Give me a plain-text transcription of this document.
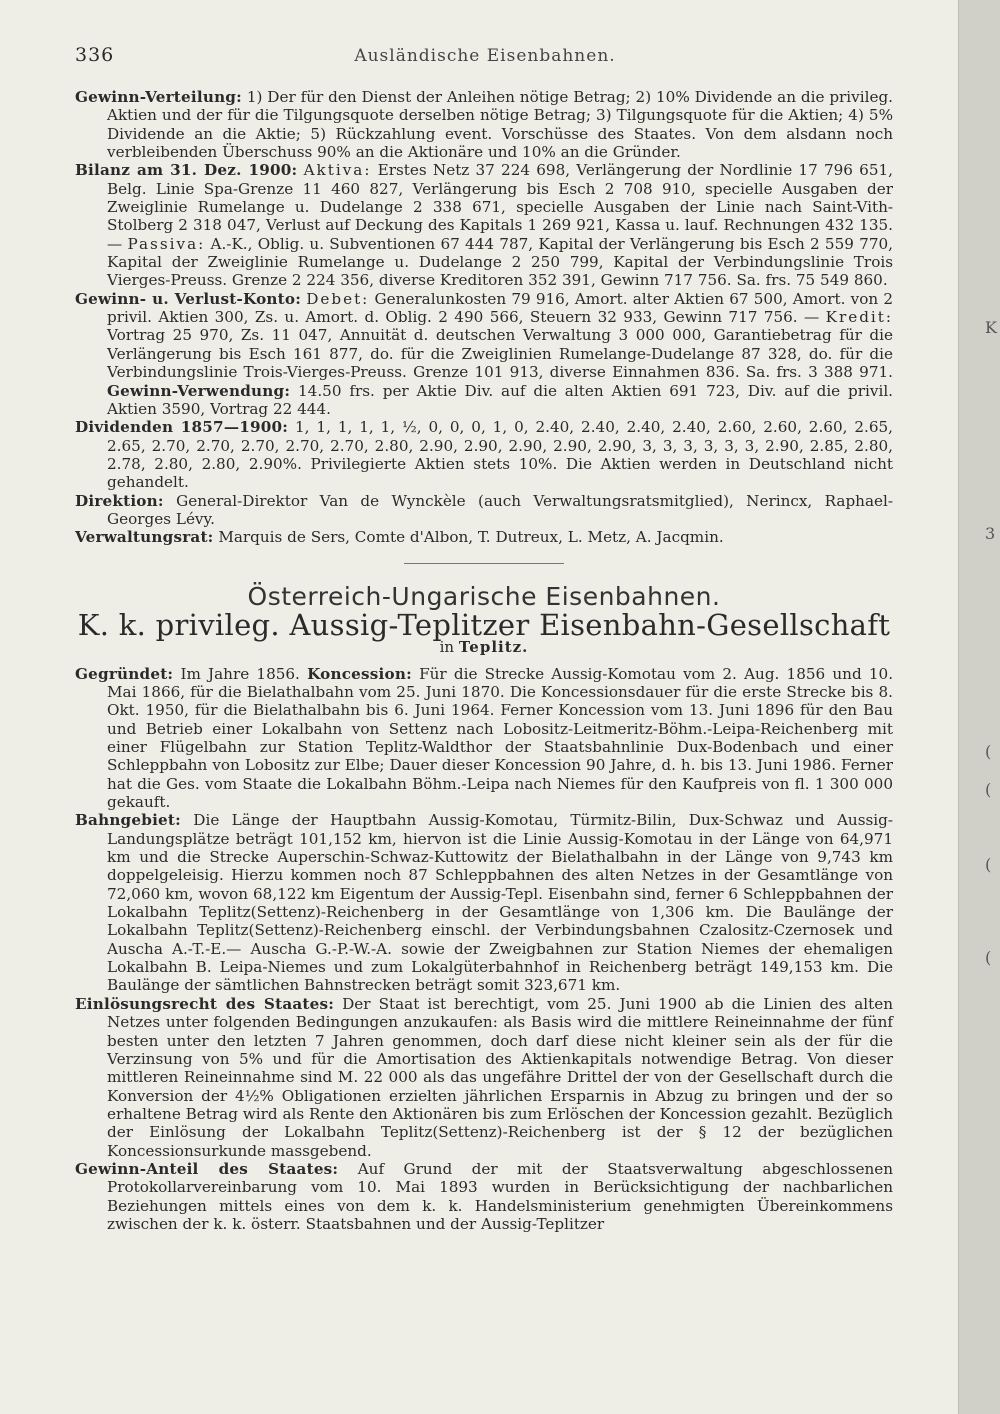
336	Ausländische Eisenbahnen.

Gewinn-Verteilung: 1) Der für den Dienst der Anleihen nötige Betrag; 2) 10% Dividende an die privileg. Aktien und der für die Tilgungsquote derselben nötige Betrag; 3) Tilgungsquote für die Aktien; 4) 5% Dividende an die Aktie; 5) Rückzahlung event. Vorschüsse des Staates. Von dem alsdann noch verbleibenden Überschuss 90% an die Aktionäre und 10% an die Gründer.

Bilanz am 31. Dez. 1900: Aktiva: Erstes Netz 37 224 698, Verlängerung der Nordlinie 17 796 651, Belg. Linie Spa-Grenze 11 460 827, Verlängerung bis Esch 2 708 910, specielle Ausgaben der Zweiglinie Rumelange u. Dudelange 2 338 671, specielle Ausgaben der Linie nach Saint-Vith-Stolberg 2 318 047, Verlust auf Deckung des Kapitals 1 269 921, Kassa u. lauf. Rechnungen 432 135. — Passiva: A.-K., Oblig. u. Subventionen 67 444 787, Kapital der Verlängerung bis Esch 2 559 770, Kapital der Zweiglinie Rumelange u. Dudelange 2 250 799, Kapital der Verbindungslinie Trois Vierges-Preuss. Grenze 2 224 356, diverse Kreditoren 352 391, Gewinn 717 756. Sa. frs. 75 549 860.

Gewinn- u. Verlust-Konto: Debet: Generalunkosten 79 916, Amort. alter Aktien 67 500, Amort. von 2 privil. Aktien 300, Zs. u. Amort. d. Oblig. 2 490 566, Steuern 32 933, Gewinn 717 756. — Kredit: Vortrag 25 970, Zs. 11 047, Annuität d. deutschen Verwaltung 3 000 000, Garantiebetrag für die Verlängerung bis Esch 161 877, do. für die Zweiglinien Rumelange-Dudelange 87 328, do. für die Verbindungslinie Trois-Vierges-Preuss. Grenze 101 913, diverse Einnahmen 836. Sa. frs. 3 388 971. Gewinn-Verwendung: 14.50 frs. per Aktie Div. auf die alten Aktien 691 723, Div. auf die privil. Aktien 3590, Vortrag 22 444.

Dividenden 1857—1900: 1, 1, 1, 1, 1, ½, 0, 0, 0, 1, 0, 2.40, 2.40, 2.40, 2.40, 2.60, 2.60, 2.60, 2.65, 2.65, 2.70, 2.70, 2.70, 2.70, 2.70, 2.80, 2.90, 2.90, 2.90, 2.90, 2.90, 3, 3, 3, 3, 3, 3, 2.90, 2.85, 2.80, 2.78, 2.80, 2.80, 2.90%. Privilegierte Aktien stets 10%. Die Aktien werden in Deutschland nicht gehandelt.

Direktion: General-Direktor Van de Wynckèle (auch Verwaltungsratsmitglied), Nerincx, Raphael-Georges Lévy.

Verwaltungsrat: Marquis de Sers, Comte d'Albon, T. Dutreux, L. Metz, A. Jacqmin.

Österreich-Ungarische Eisenbahnen.
K. k. privileg. Aussig-Teplitzer Eisenbahn-Gesellschaft
in Teplitz.

Gegründet: Im Jahre 1856. Koncession: Für die Strecke Aussig-Komotau vom 2. Aug. 1856 und 10. Mai 1866, für die Bielathalbahn vom 25. Juni 1870. Die Koncessionsdauer für die erste Strecke bis 8. Okt. 1950, für die Bielathalbahn bis 6. Juni 1964. Ferner Koncession vom 13. Juni 1896 für den Bau und Betrieb einer Lokalbahn von Settenz nach Lobositz-Leitmeritz-Böhm.-Leipa-Reichenberg mit einer Flügelbahn zur Station Teplitz-Waldthor der Staatsbahnlinie Dux-Bodenbach und einer Schleppbahn von Lobositz zur Elbe; Dauer dieser Koncession 90 Jahre, d. h. bis 13. Juni 1986. Ferner hat die Ges. vom Staate die Lokalbahn Böhm.-Leipa nach Niemes für den Kaufpreis von fl. 1 300 000 gekauft.

Bahngebiet: Die Länge der Hauptbahn Aussig-Komotau, Türmitz-Bilin, Dux-Schwaz und Aussig-Landungsplätze beträgt 101,152 km, hiervon ist die Linie Aussig-Komotau in der Länge von 64,971 km und die Strecke Auperschin-Schwaz-Kuttowitz der Bielathalbahn in der Länge von 9,743 km doppelgeleisig. Hierzu kommen noch 87 Schleppbahnen des alten Netzes in der Gesamtlänge von 72,060 km, wovon 68,122 km Eigentum der Aussig-Tepl. Eisenbahn sind, ferner 6 Schleppbahnen der Lokalbahn Teplitz(Settenz)-Reichenberg in der Gesamtlänge von 1,306 km. Die Baulänge der Lokalbahn Teplitz(Settenz)-Reichenberg einschl. der Verbindungsbahnen Czalositz-Czernosek und Auscha A.-T.-E.— Auscha G.-P.-W.-A. sowie der Zweigbahnen zur Station Niemes der ehemaligen Lokalbahn B. Leipa-Niemes und zum Lokalgüterbahnhof in Reichenberg beträgt 149,153 km. Die Baulänge der sämtlichen Bahnstrecken beträgt somit 323,671 km.

Einlösungsrecht des Staates: Der Staat ist berechtigt, vom 25. Juni 1900 ab die Linien des alten Netzes unter folgenden Bedingungen anzukaufen: als Basis wird die mittlere Reineinnahme der fünf besten unter den letzten 7 Jahren genommen, doch darf diese nicht kleiner sein als der für die Verzinsung von 5% und für die Amortisation des Aktienkapitals notwendige Betrag. Von dieser mittleren Reineinnahme sind M. 22 000 als das ungefähre Drittel der von der Gesellschaft durch die Konversion der 4½% Obligationen erzielten jährlichen Ersparnis in Abzug zu bringen und der so erhaltene Betrag wird als Rente den Aktionären bis zum Erlöschen der Koncession gezahlt. Bezüglich der Einlösung der Lokalbahn Teplitz(Settenz)-Reichenberg ist der § 12 der bezüglichen Koncessionsurkunde massgebend.

Gewinn-Anteil des Staates: Auf Grund der mit der Staatsverwaltung abgeschlossenen Protokollarvereinbarung vom 10. Mai 1893 wurden in Berücksichtigung der nachbarlichen Beziehungen mittels eines von dem k. k. Handelsministerium genehmigten Übereinkommens zwischen der k. k. österr. Staatsbahnen und der Aussig-Teplitzer

K
3
(
(
(
(
